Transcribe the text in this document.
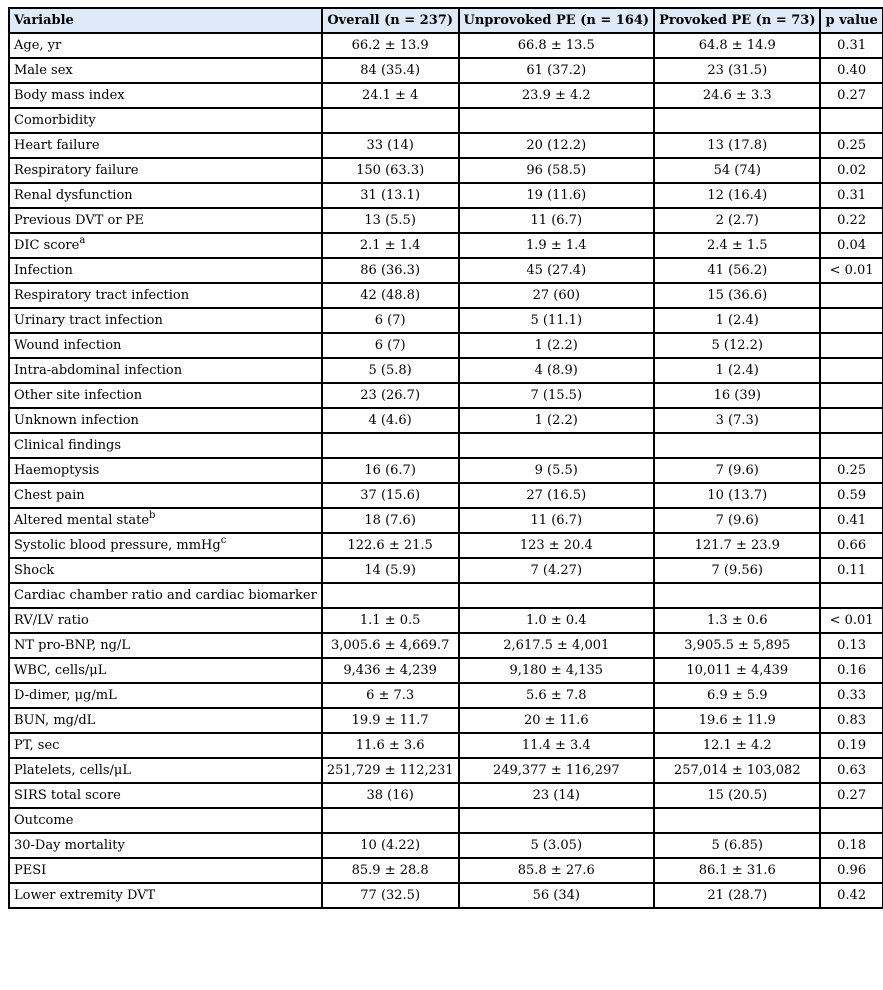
Variable	Overall (n = 237)	Unprovoked PE (n = 164)	Provoked PE (n = 73)	p value
Age, yr	66.2 ± 13.9	66.8 ± 13.5	64.8 ± 14.9	0.31
Male sex	84 (35.4)	61 (37.2)	23 (31.5)	0.40
Body mass index	24.1 ± 4	23.9 ± 4.2	24.6 ± 3.3	0.27
Comorbidity				
Heart failure	33 (14)	20 (12.2)	13 (17.8)	0.25
Respiratory failure	150 (63.3)	96 (58.5)	54 (74)	0.02
Renal dysfunction	31 (13.1)	19 (11.6)	12 (16.4)	0.31
Previous DVT or PE	13 (5.5)	11 (6.7)	2 (2.7)	0.22
DIC score$^a$	2.1 ± 1.4	1.9 ± 1.4	2.4 ± 1.5	0.04
Infection	86 (36.3)	45 (27.4)	41 (56.2)	< 0.01
Respiratory tract infection	42 (48.8)	27 (60)	15 (36.6)	
Urinary tract infection	6 (7)	5 (11.1)	1 (2.4)	
Wound infection	6 (7)	1 (2.2)	5 (12.2)	
Intra-abdominal infection	5 (5.8)	4 (8.9)	1 (2.4)	
Other site infection	23 (26.7)	7 (15.5)	16 (39)	
Unknown infection	4 (4.6)	1 (2.2)	3 (7.3)	
Clinical findings				
Haemoptysis	16 (6.7)	9 (5.5)	7 (9.6)	0.25
Chest pain	37 (15.6)	27 (16.5)	10 (13.7)	0.59
Altered mental state$^b$	18 (7.6)	11 (6.7)	7 (9.6)	0.41
Systolic blood pressure, mmHg$^c$	122.6 ± 21.5	123 ± 20.4	121.7 ± 23.9	0.66
Shock	14 (5.9)	7 (4.27)	7 (9.56)	0.11
Cardiac chamber ratio and cardiac biomarker				
RV/LV ratio	1.1 ± 0.5	1.0 ± 0.4	1.3 ± 0.6	< 0.01
NT pro-BNP, ng/L	3,005.6 ± 4,669.7	2,617.5 ± 4,001	3,905.5 ± 5,895	0.13
WBC, cells/μL	9,436 ± 4,239	9,180 ± 4,135	10,011 ± 4,439	0.16
D-dimer, μg/mL	6 ± 7.3	5.6 ± 7.8	6.9 ± 5.9	0.33
BUN, mg/dL	19.9 ± 11.7	20 ± 11.6	19.6 ± 11.9	0.83
PT, sec	11.6 ± 3.6	11.4 ± 3.4	12.1 ± 4.2	0.19
Platelets, cells/μL	251,729 ± 112,231	249,377 ± 116,297	257,014 ± 103,082	0.63
SIRS total score	38 (16)	23 (14)	15 (20.5)	0.27
Outcome				
30-Day mortality	10 (4.22)	5 (3.05)	5 (6.85)	0.18
PESI	85.9 ± 28.8	85.8 ± 27.6	86.1 ± 31.6	0.96
Lower extremity DVT	77 (32.5)	56 (34)	21 (28.7)	0.42
